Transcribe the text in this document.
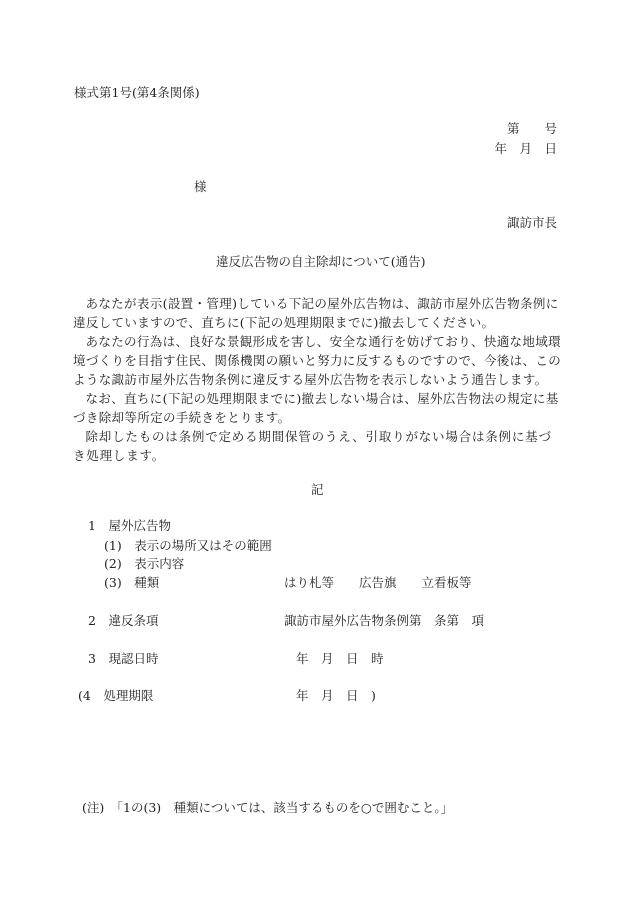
様式第1号(第4条関係)
第　　号
年　月　日
様
諏訪市長
違反広告物の自主除却について(通告)

あなたが表示(設置・管理)している下記の屋外広告物は、諏訪市屋外広告物条例に違反していますので、直ちに(下記の処理期限までに)撤去してください。

あなたの行為は、良好な景観形成を害し、安全な通行を妨げており、快適な地域環境づくりを目指す住民、関係機関の願いと努力に反するものですので、今後は、このような諏訪市屋外広告物条例に違反する屋外広告物を表示しないよう通告します。

なお、直ちに(下記の処理期限までに)撤去しない場合は、屋外広告物法の規定に基づき除却等所定の手続きをとります。

除却したものは条例で定める期間保管のうえ、引取りがない場合は条例に基づき処理します。

記
1　屋外広告物
(1)　表示の場所又はその範囲
(2)　表示内容
(3)　種類	はり札等　　広告旗　　立看板等
2　違反条項	諏訪市屋外広告物条例第　条第　項
3　現認日時	年　月　日　時
(4　処理期限	年　月　日　)
(注)　「1の(3)　種類については、該当するものを○で囲むこと。」
